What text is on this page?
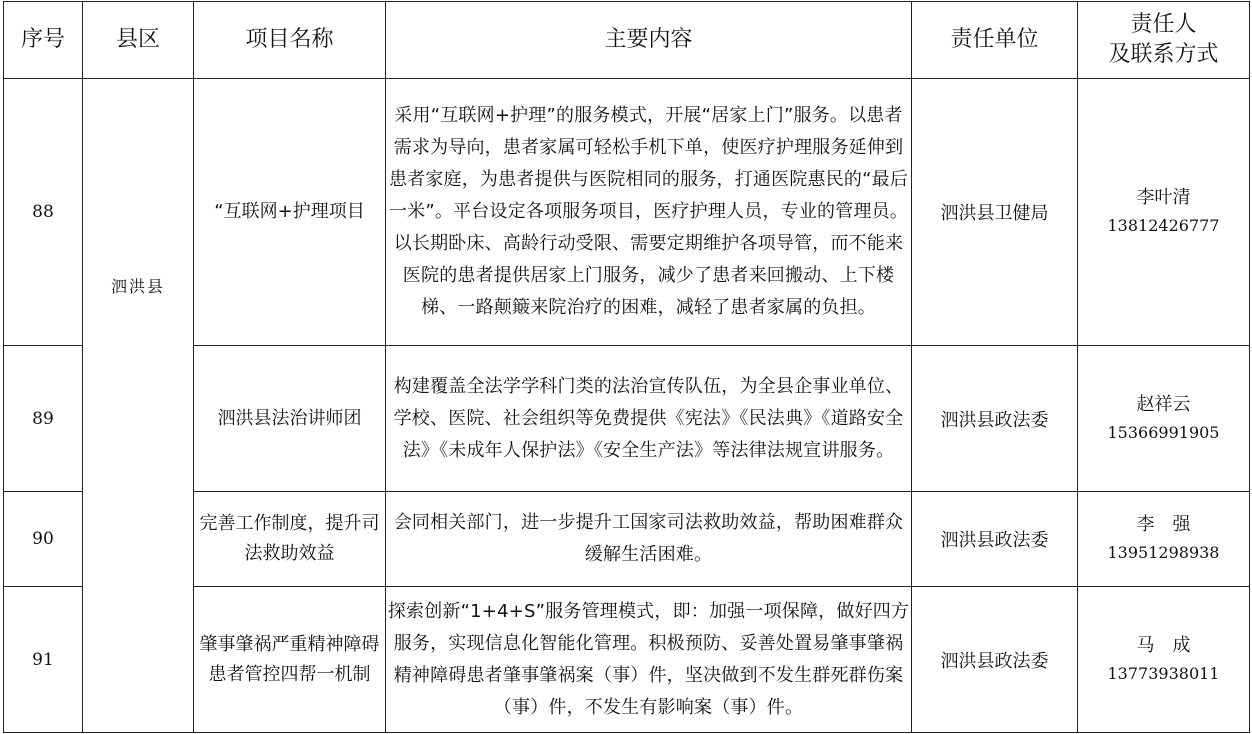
序号	县区	项目名称	主要内容	责任单位	责任人
及联系方式

88	泗洪县	“互联网+护理项目	采用“互联网+护理”的服务模式，开展“居家上门”服务。以患者需求为导向，患者家属可轻松手机下单，使医疗护理服务延伸到患者家庭，为患者提供与医院相同的服务，打通医院惠民的“最后一米”。平台设定各项服务项目，医疗护理人员，专业的管理员。以长期卧床、高龄行动受限、需要定期维护各项导管，而不能来医院的患者提供居家上门服务，减少了患者来回搬动、上下楼梯、一路颠簸来院治疗的困难，减轻了患者家属的负担。	泗洪县卫健局	李叶清
13812426777

89		泗洪县法治讲师团	构建覆盖全法学学科门类的法治宣传队伍，为全县企事业单位、学校、医院、社会组织等免费提供《宪法》《民法典》《道路安全法》《未成年人保护法》《安全生产法》等法律法规宣讲服务。	泗洪县政法委	赵祥云
15366991905

90		完善工作制度，提升司法救助效益	会同相关部门，进一步提升工国家司法救助效益，帮助困难群众缓解生活困难。	泗洪县政法委	李　强
13951298938

91		肇事肇祸严重精神障碍患者管控四帮一机制	探索创新“1+4+S”服务管理模式，即：加强一项保障，做好四方服务，实现信息化智能化管理。积极预防、妥善处置易肇事肇祸精神障碍患者肇事肇祸案（事）件，坚决做到不发生群死群伤案（事）件，不发生有影响案（事）件。	泗洪县政法委	马　成
13773938011
